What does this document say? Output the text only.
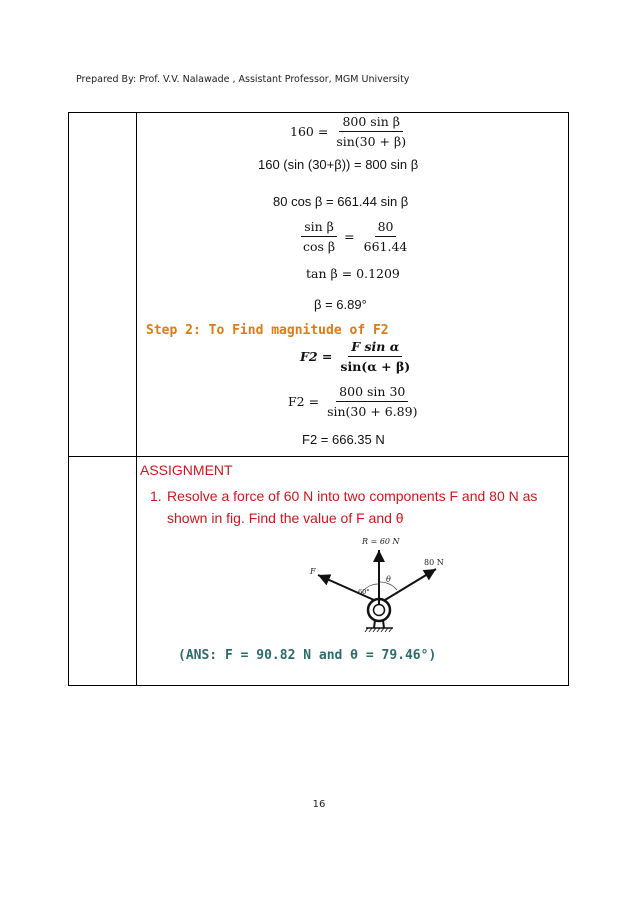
Prepared By: Prof. V.V. Nalawade , Assistant Professor, MGM University
$160 = \frac{\text{800 sin β}}{\sin(30 + \beta)}$
160 (sin (30+β)) = 800 sin β
80 cos β = 661.44 sin β
$\frac{\text{sin β}}{\text{cos β}} = \frac{80}{661.44}$
tan β = 0.1209
β = 6.89°
Step 2: To Find magnitude of F2
$F2 = \frac{\text{F sin α}}{\sin(\alpha + \beta)}$
$F2 = \frac{800 \sin 30}{\sin(30 + 6.89)}$
F2 = 666.35 N
ASSIGNMENT
1. Resolve a force of 60 N into two components F and 80 N as shown in fig. Find the value of F and θ
R = 60 N
F
80 N
60°
θ
(ANS: F = 90.82 N and θ = 79.46°)
16
